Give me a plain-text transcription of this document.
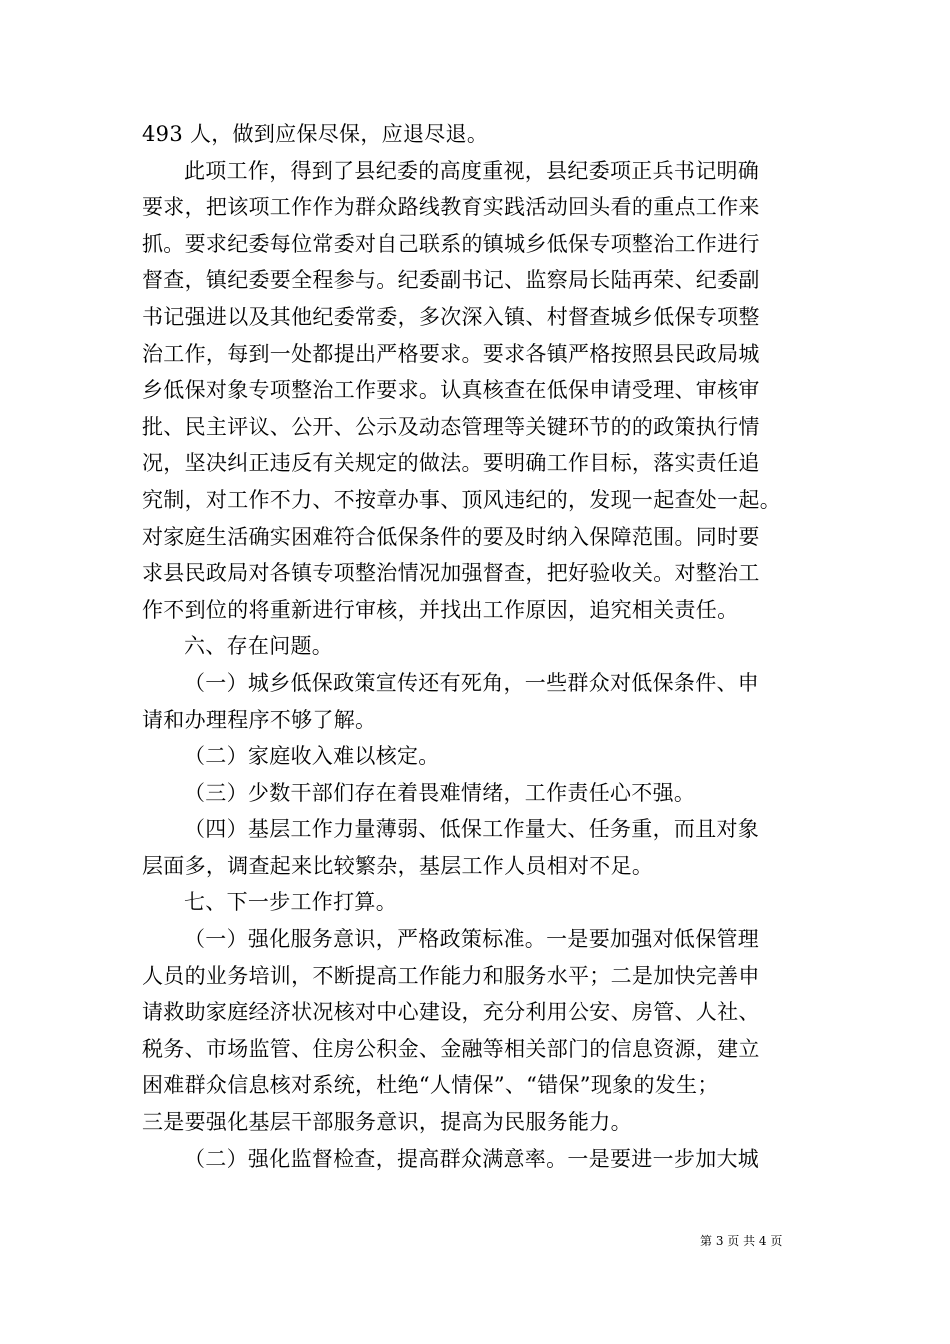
493 人，做到应保尽保，应退尽退。

此项工作，得到了县纪委的高度重视，县纪委项正兵书记明确
要求，把该项工作作为群众路线教育实践活动回头看的重点工作来
抓。要求纪委每位常委对自己联系的镇城乡低保专项整治工作进行
督查，镇纪委要全程参与。纪委副书记、监察局长陆再荣、纪委副
书记强进以及其他纪委常委，多次深入镇、村督查城乡低保专项整
治工作，每到一处都提出严格要求。要求各镇严格按照县民政局城
乡低保对象专项整治工作要求。认真核查在低保申请受理、审核审
批、民主评议、公开、公示及动态管理等关键环节的的政策执行情
况，坚决纠正违反有关规定的做法。要明确工作目标，落实责任追
究制，对工作不力、不按章办事、顶风违纪的，发现一起查处一起。
对家庭生活确实困难符合低保条件的要及时纳入保障范围。同时要
求县民政局对各镇专项整治情况加强督查，把好验收关。对整治工
作不到位的将重新进行审核，并找出工作原因，追究相关责任。

六、存在问题。

（一）城乡低保政策宣传还有死角，一些群众对低保条件、申
请和办理程序不够了解。

（二）家庭收入难以核定。

（三）少数干部们存在着畏难情绪，工作责任心不强。

（四）基层工作力量薄弱、低保工作量大、任务重，而且对象
层面多，调查起来比较繁杂，基层工作人员相对不足。

七、下一步工作打算。

（一）强化服务意识，严格政策标准。一是要加强对低保管理
人员的业务培训，不断提高工作能力和服务水平；二是加快完善申
请救助家庭经济状况核对中心建设，充分利用公安、房管、人社、
税务、市场监管、住房公积金、金融等相关部门的信息资源，建立
困难群众信息核对系统，杜绝“人情保”、“错保”现象的发生；
三是要强化基层干部服务意识，提高为民服务能力。

（二）强化监督检查，提高群众满意率。一是要进一步加大城

第 3 页 共 4 页
